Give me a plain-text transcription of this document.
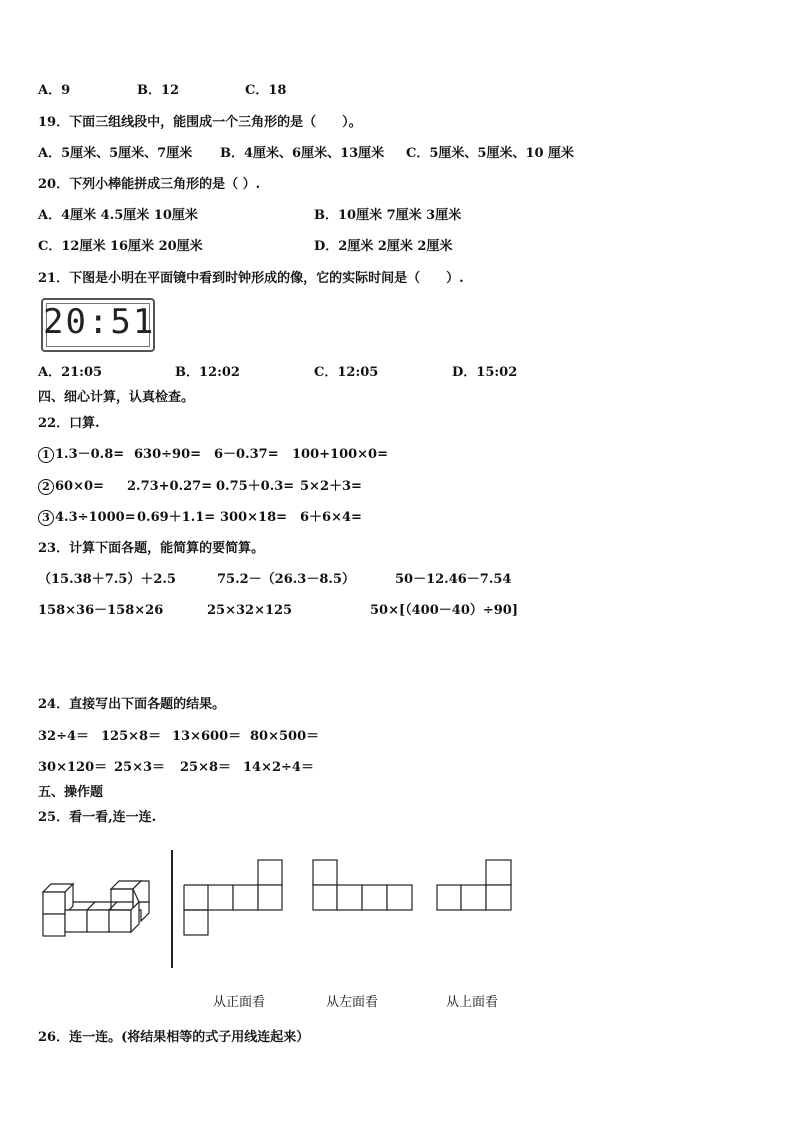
A．9	B．12	C．18
19．下面三组线段中，能围成一个三角形的是（　　）。
A．5厘米、5厘米、7厘米 B．4厘米、6厘米、13厘米 C．5厘米、5厘米、10 厘米
20．下列小棒能拼成三角形的是（ ）.
A．4厘米 4.5厘米 10厘米	B．10厘米 7厘米 3厘米
C．12厘米 16厘米 20厘米	D．2厘米 2厘米 2厘米
21．下图是小明在平面镜中看到时钟形成的像，它的实际时间是（　　）.
20:51
A．21:05	B．12:02	C．12:05	D．15:02
四、细心计算，认真检查。
22．口算.
1 1.3－0.8= 630÷90= 6－0.37= 100+100×0=
2 60×0= 2.73+0.27= 0.75＋0.3= 5×2＋3=
3 4.3÷1000= 0.69＋1.1= 300×18= 6＋6×4=
23．计算下面各题，能简算的要简算。
（15.38＋7.5）＋2.5	75.2－（26.3－8.5）	50－12.46－7.54
158×36－158×26	25×32×125	50×[（400－40）÷90]
24．直接写出下面各题的结果。
32÷4＝ 125×8＝ 13×600＝ 80×500＝
30×120＝ 25×3＝ 25×8＝ 14×2÷4＝
五、操作题
25．看一看,连一连.
从正面看	从左面看	从上面看
26．连一连。(将结果相等的式子用线连起来）
